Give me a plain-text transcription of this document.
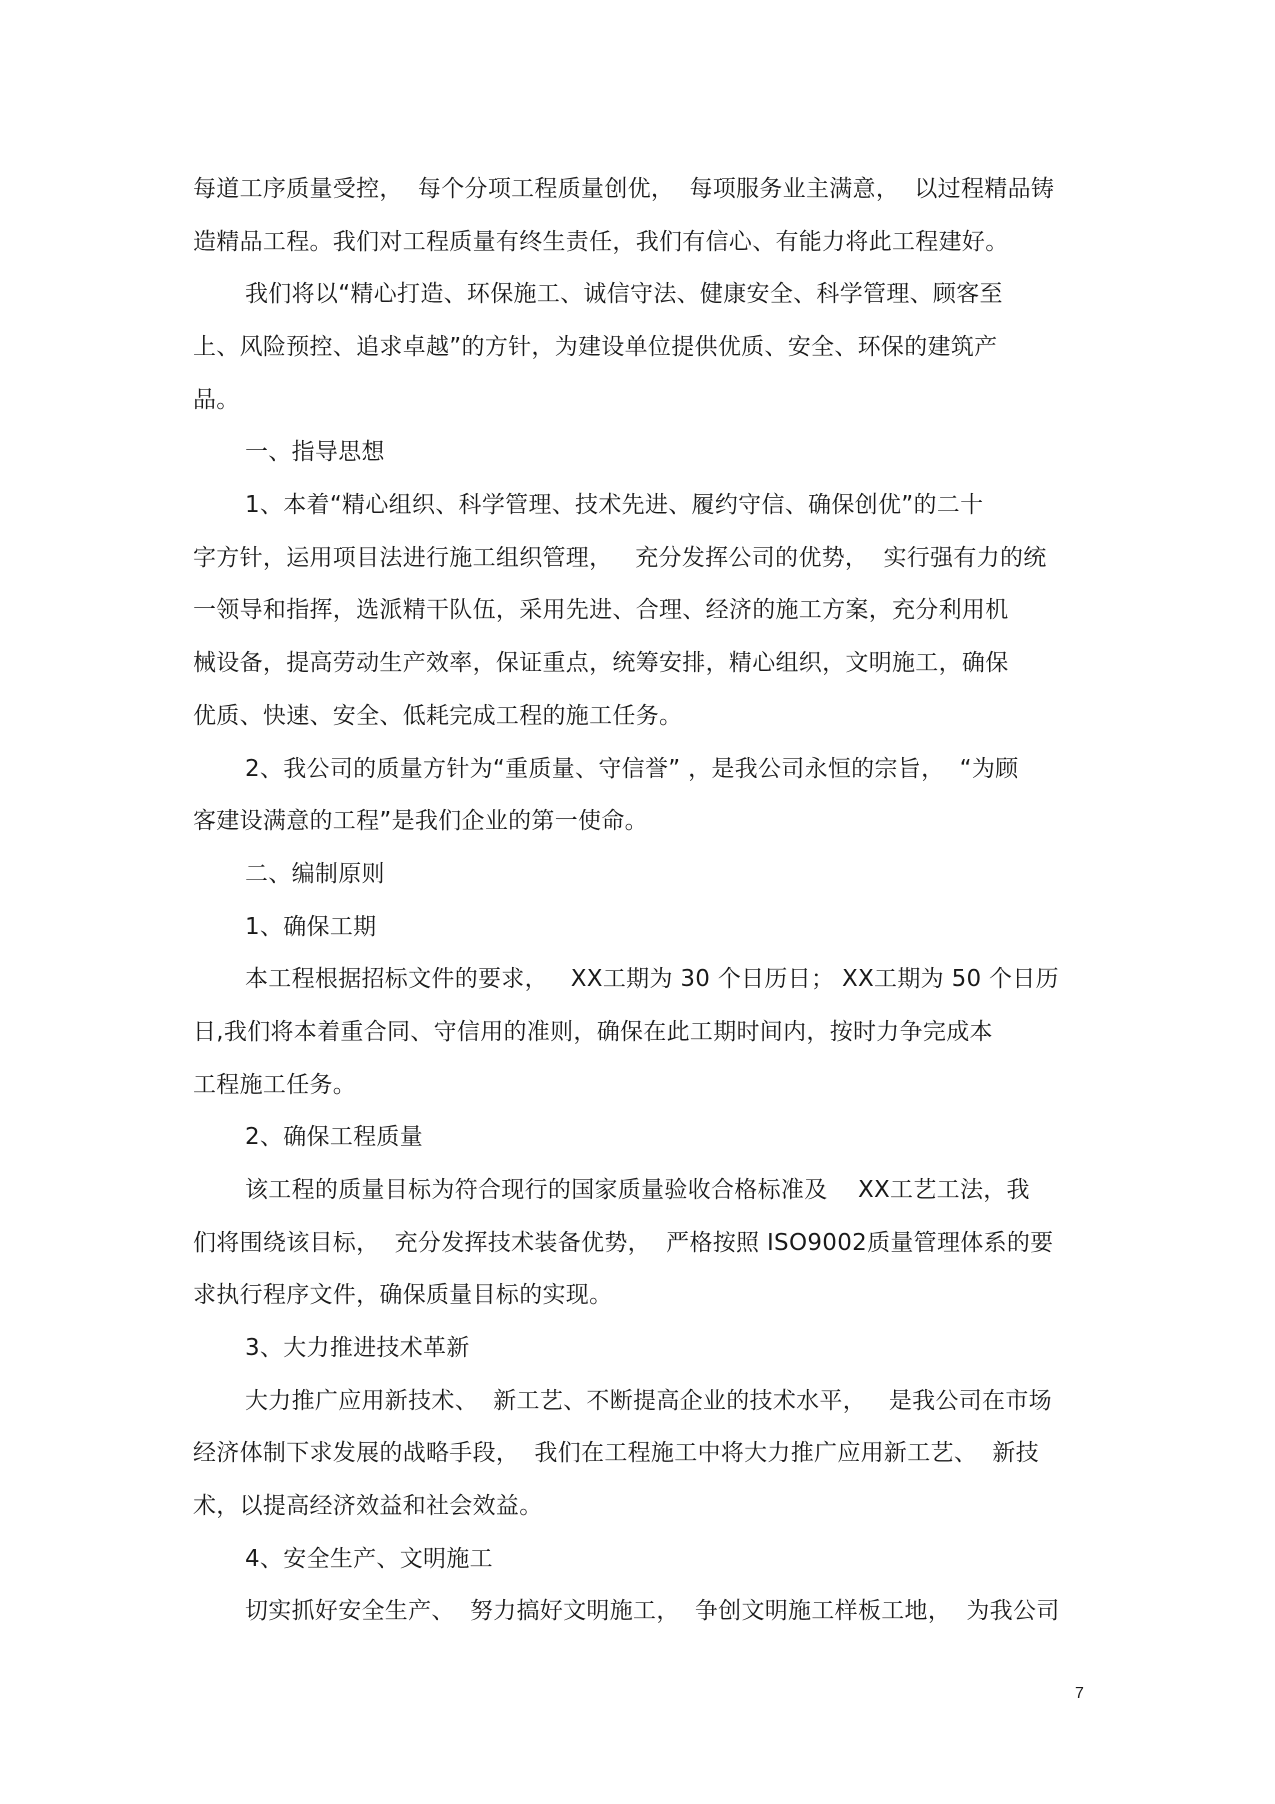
每道工序质量受控，  每个分项工程质量创优，  每项服务业主满意，  以过程精品铸
造精品工程。我们对工程质量有终生责任，我们有信心、有能力将此工程建好。
我们将以“精心打造、环保施工、诚信守法、健康安全、科学管理、顾客至
上、风险预控、追求卓越”的方针，为建设单位提供优质、安全、环保的建筑产
品。
一、指导思想
1、本着“精心组织、科学管理、技术先进、履约守信、确保创优”的二十
字方针，运用项目法进行施工组织管理，   充分发挥公司的优势，  实行强有力的统
一领导和指挥，选派精干队伍，采用先进、合理、经济的施工方案，充分利用机
械设备，提高劳动生产效率，保证重点，统筹安排，精心组织，文明施工，确保
优质、快速、安全、低耗完成工程的施工任务。
2、我公司的质量方针为“重质量、守信誉” ，是我公司永恒的宗旨，  “为顾
客建设满意的工程”是我们企业的第一使命。
二、编制原则
1、确保工期
本工程根据招标文件的要求，   XX工期为 30 个日历日； XX工期为 50 个日历
日,我们将本着重合同、守信用的准则，确保在此工期时间内，按时力争完成本
工程施工任务。
2、确保工程质量
该工程的质量目标为符合现行的国家质量验收合格标准及    XX工艺工法，我
们将围绕该目标，  充分发挥技术装备优势，  严格按照 ISO9002质量管理体系的要
求执行程序文件，确保质量目标的实现。
3、大力推进技术革新
大力推广应用新技术、  新工艺、不断提高企业的技术水平，   是我公司在市场
经济体制下求发展的战略手段，  我们在工程施工中将大力推广应用新工艺、  新技
术，以提高经济效益和社会效益。
4、安全生产、文明施工
切实抓好安全生产、  努力搞好文明施工，  争创文明施工样板工地，  为我公司
7
